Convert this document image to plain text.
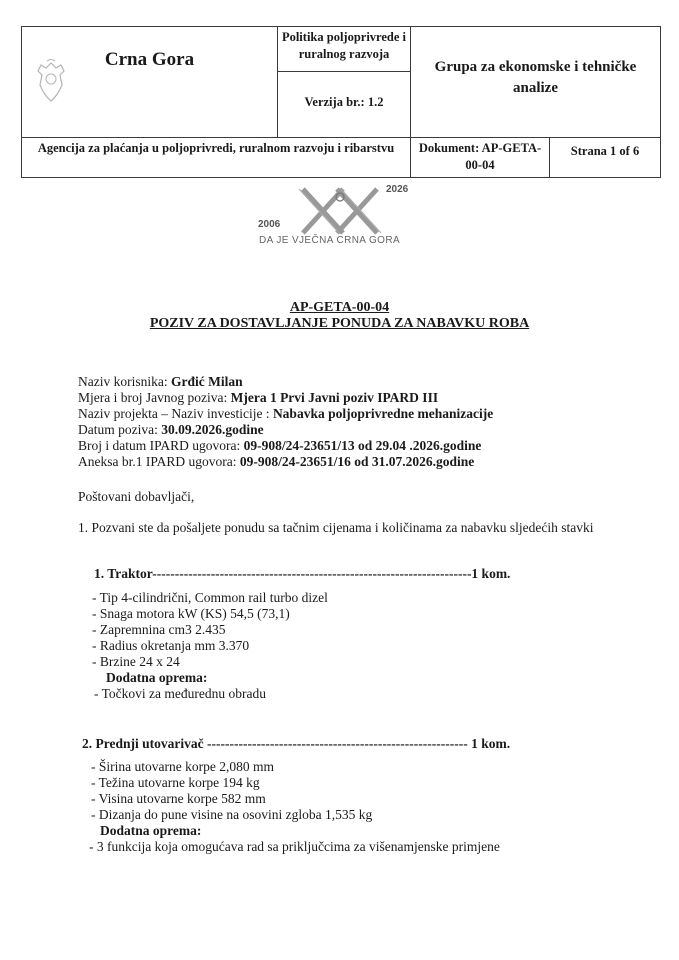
Crna Gora
Politika poljoprivrede i ruralnog razvoja
Verzija br.: 1.2
Grupa za ekonomske i tehničke analize
Agencija za plaćanja u poljoprivredi, ruralnom razvoju i ribarstvu	Dokument: AP-GETA-00-04
Strana 1 of 6
2006
2026
DA JE VJEČNA CRNA GORA
AP-GETA-00-04
POZIV ZA DOSTAVLJANJE PONUDA ZA NABAVKU ROBA
Naziv korisnika: Grđić Milan
Mjera i broj Javnog poziva: Mjera 1 Prvi Javni poziv IPARD III
Naziv projekta – Naziv investicije : Nabavka poljoprivredne mehanizacije
Datum poziva: 30.09.2026.godine
Broj i datum IPARD ugovora: 09-908/24-23651/13 od 29.04 .2026.godine
Aneksa br.1 IPARD ugovora: 09-908/24-23651/16 od 31.07.2026.godine
Poštovani dobavljači,
1. Pozvani ste da pošaljete ponudu sa tačnim cijenama i količinama za nabavku sljedećih stavki
1. Traktor-----------------------------------------------------------------------1 kom.
- Tip 4-cilindrični, Common rail turbo dizel
- Snaga motora kW (KS) 54,5 (73,1)
- Zapremnina cm3 2.435
- Radius okretanja mm 3.370
- Brzine 24 x 24
Dodatna oprema:
- Točkovi za međurednu obradu
2. Prednji utovarivač ---------------------------------------------------------- 1 kom.
- Širina utovarne korpe 2,080 mm
- Težina utovarne korpe 194 kg
- Visina utovarne korpe 582 mm
- Dizanja do pune visine na osovini zgloba 1,535 kg
Dodatna oprema:
- 3 funkcija koja omogućava rad sa priključcima za višenamjenske primjene
